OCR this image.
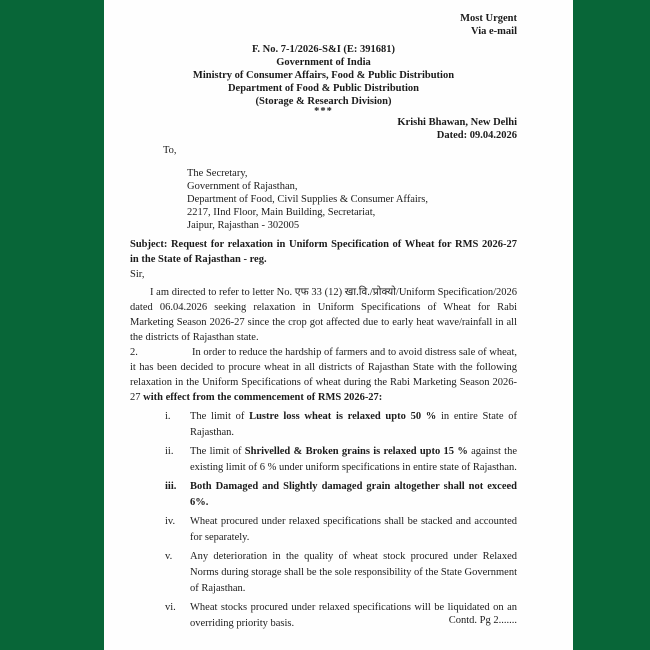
Most Urgent
Via e-mail
F. No. 7-1/2026-S&I (E: 391681)
Government of India
Ministry of Consumer Affairs, Food & Public Distribution
Department of Food & Public Distribution
(Storage & Research Division)
***
Krishi Bhawan, New Delhi
Dated: 09.04.2026
To,
The Secretary,
Government of Rajasthan,
Department of Food, Civil Supplies & Consumer Affairs,
2217, IInd Floor, Main Building, Secretariat,
Jaipur, Rajasthan - 302005

Subject: Request for relaxation in Uniform Specification of Wheat for RMS 2026-27 in the State of Rajasthan - reg.

Sir,

I am directed to refer to letter No. एफ 33 (12) खा.वि./प्रोक्यो/Uniform Specification/2026 dated 06.04.2026 seeking relaxation in Uniform Specifications of Wheat for Rabi Marketing Season 2026-27 since the crop got affected due to early heat wave/rainfall in all the districts of Rajasthan state.

2.	In order to reduce the hardship of farmers and to avoid distress sale of wheat, it has been decided to procure wheat in all districts of Rajasthan State with the following relaxation in the Uniform Specifications of wheat during the Rabi Marketing Season 2026-27 with effect from the commencement of RMS 2026-27:

i. The limit of Lustre loss wheat is relaxed upto 50 % in entire State of Rajasthan.
ii. The limit of Shrivelled & Broken grains is relaxed upto 15 % against the existing limit of 6 % under uniform specifications in entire state of Rajasthan.
iii. Both Damaged and Slightly damaged grain altogether shall not exceed 6%.
iv. Wheat procured under relaxed specifications shall be stacked and accounted for separately.
v. Any deterioration in the quality of wheat stock procured under Relaxed Norms during storage shall be the sole responsibility of the State Government of Rajasthan.
vi. Wheat stocks procured under relaxed specifications will be liquidated on an overriding priority basis.	Contd. Pg 2.......
